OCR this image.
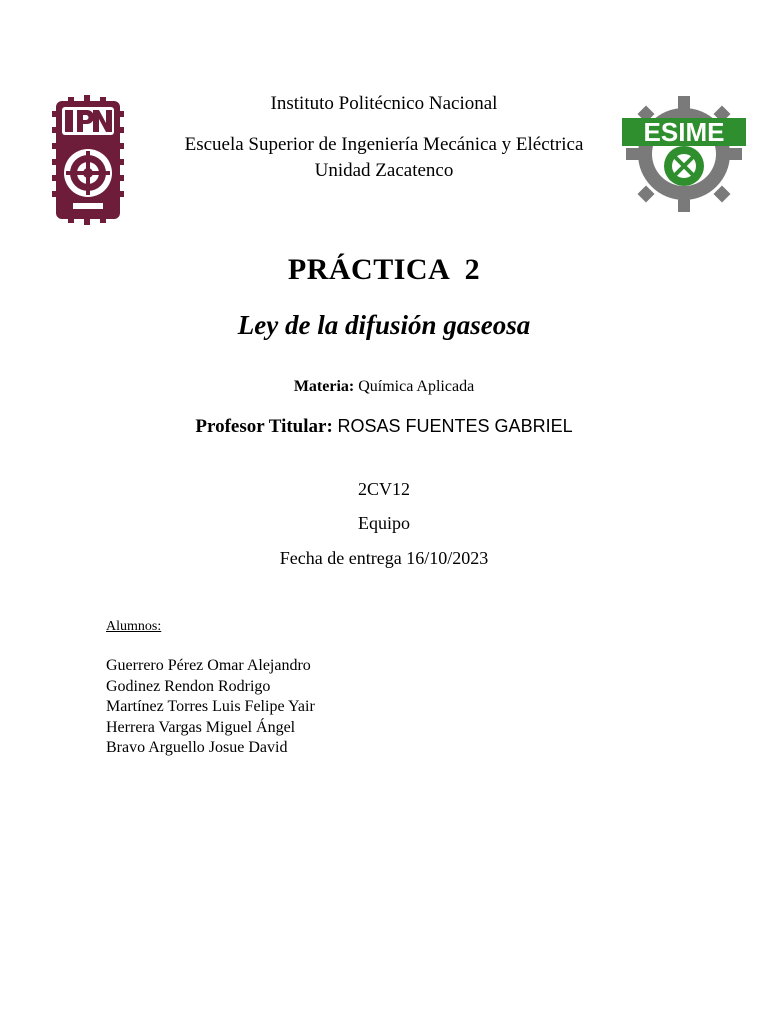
ESIME
Instituto Politécnico Nacional
Escuela Superior de Ingeniería Mecánica y Eléctrica
Unidad Zacatenco
PRÁCTICA  2
Ley de la difusión gaseosa
Materia: Química Aplicada
Profesor Titular: ROSAS FUENTES GABRIEL
2CV12
Equipo
Fecha de entrega 16/10/2023
Alumnos:
Guerrero Pérez Omar Alejandro
Godinez Rendon Rodrigo
Martínez Torres Luis Felipe Yair
Herrera Vargas Miguel Ángel
Bravo Arguello Josue David
